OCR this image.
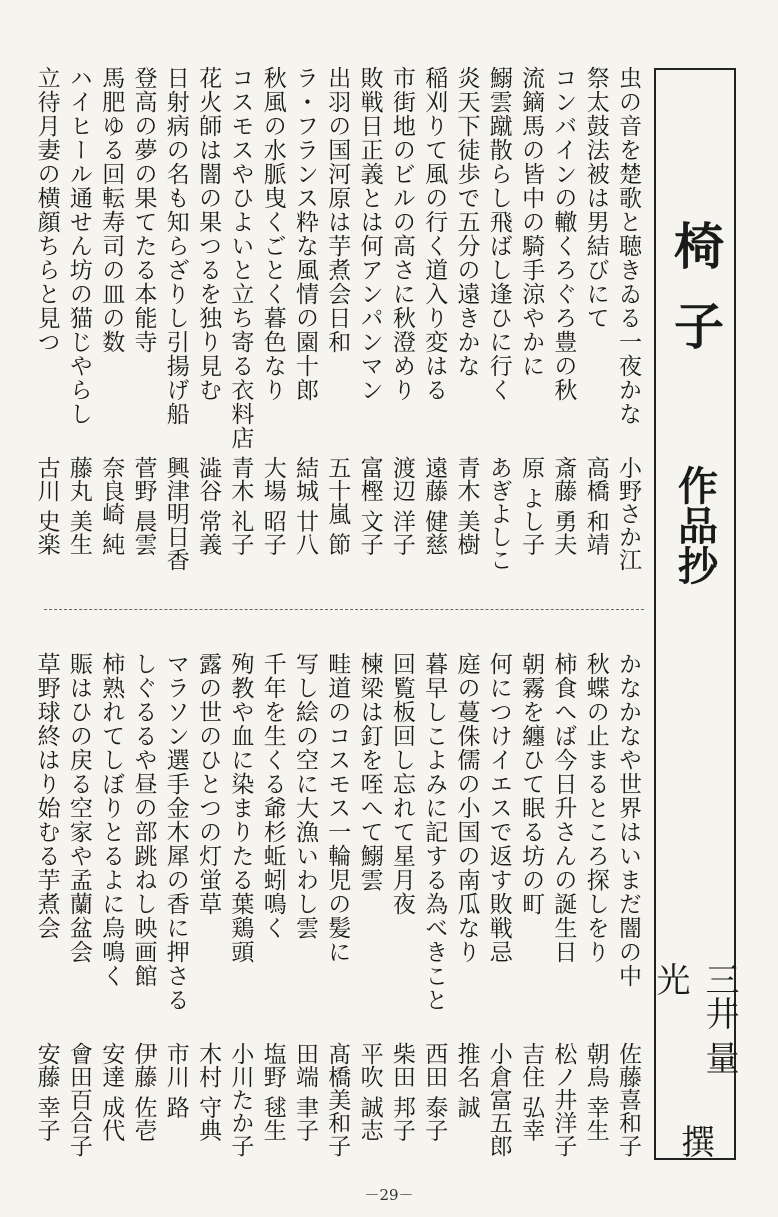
椅子
作品抄
三井 量光
撰
虫の音を楚歌と聴きゐる一夜かな
小野さか江
祭太鼓法被は男結びにて
高橋 和靖
コンバインの轍くろぐろ豊の秋
斎藤 勇夫
流鏑馬の皆中の騎手涼やかに
原 よし子
鰯雲蹴散らし飛ばし逢ひに行く
あぎよしこ
炎天下徒歩で五分の遠きかな
青木 美樹
稲刈りて風の行く道入り変はる
遠藤 健慈
市街地のビルの高さに秋澄めり
渡辺 洋子
敗戦日正義とは何アンパンマン
富樫 文子
出羽の国河原は芋煮会日和
五十嵐 節
ラ・フランス粋な風情の園十郎
結城 廿八
秋風の水脈曳くごとく暮色なり
大場 昭子
コスモスやひよいと立ち寄る衣料店
青木 礼子
花火師は闇の果つるを独り見む
澁谷 常義
日射病の名も知らざりし引揚げ船
興津明日香
登高の夢の果てたる本能寺
菅野 晨雲
馬肥ゆる回転寿司の皿の数
奈良崎 純
ハイヒール通せん坊の猫じやらし
藤丸 美生
立待月妻の横顔ちらと見つ
古川 史楽
かなかなや世界はいまだ闇の中
佐藤喜和子
秋蝶の止まるところ探しをり
朝鳥 幸生
柿食へば今日升さんの誕生日
松ノ井洋子
朝霧を纏ひて眠る坊の町
吉住 弘幸
何につけイエスで返す敗戦忌
小倉富五郎
庭の蔓侏儒の小国の南瓜なり
推名 誠
暮早しこよみに記する為べきこと
西田 泰子
回覧板回し忘れて星月夜
柴田 邦子
楝梁は釘を咥へて鰯雲
平吹 誠志
畦道のコスモス一輪児の髪に
髙橋美和子
写し絵の空に大漁いわし雲
田端 聿子
千年を生くる爺杉蚯蚓鳴く
塩野 毬生
殉教や血に染まりたる葉鶏頭
小川たか子
露の世のひとつの灯蛍草
木村 守典
マラソン選手金木犀の香に押さる
市川 路
しぐるるや昼の部跳ねし映画館
伊藤 佐壱
柿熟れてしぼりとるよに烏鳴く
安達 成代
賑はひの戻る空家や孟蘭盆会
會田百合子
草野球終はり始むる芋煮会
安藤 幸子
－29－
